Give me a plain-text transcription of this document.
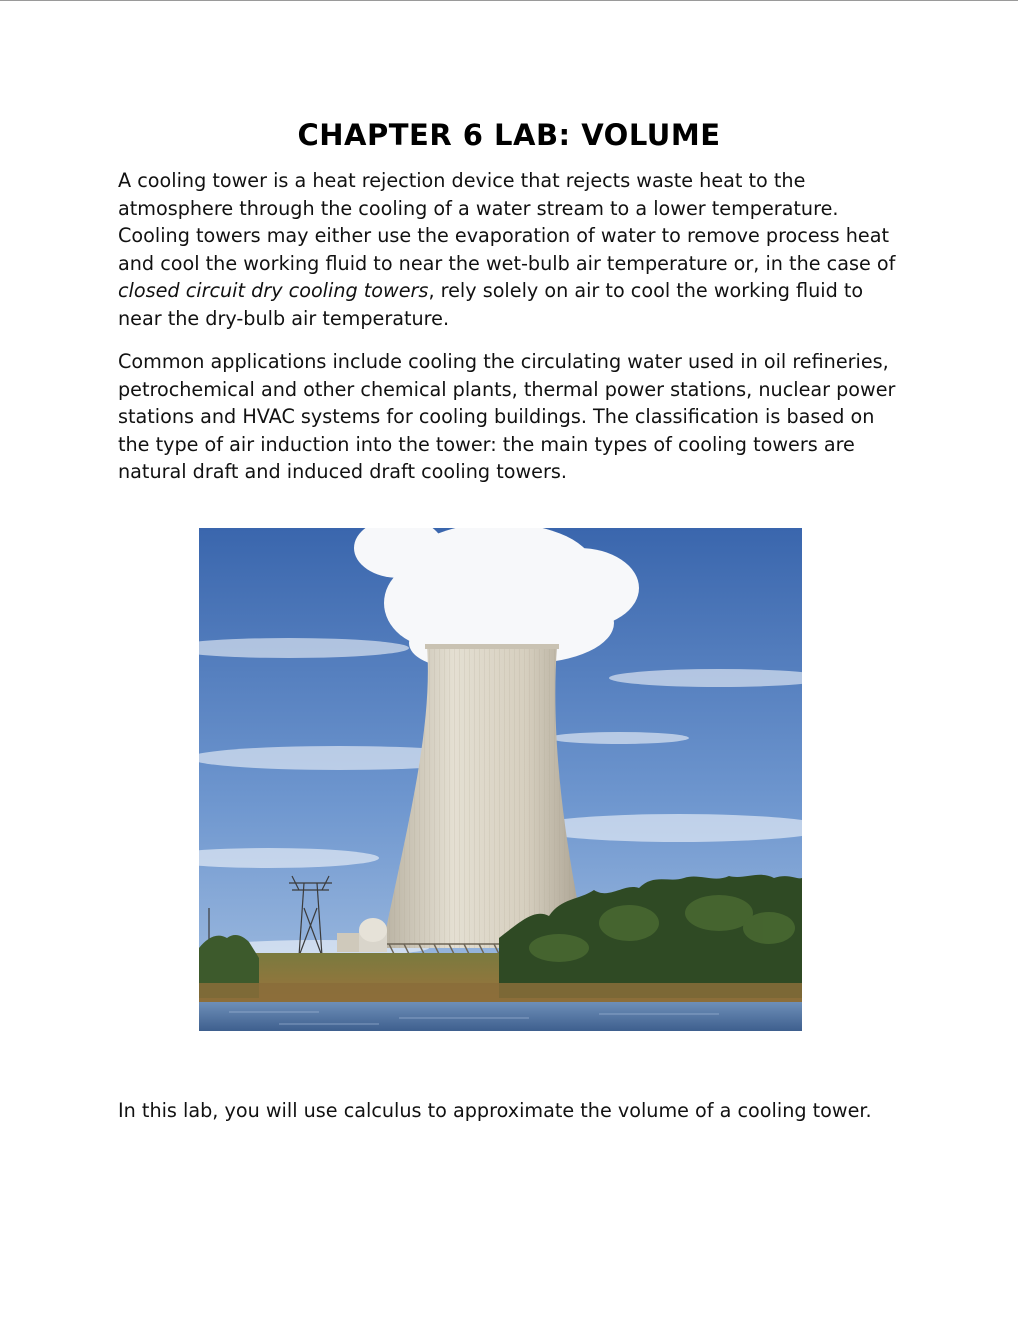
CHAPTER 6 LAB: VOLUME

A cooling tower is a heat rejection device that rejects waste heat to the atmosphere through the cooling of a water stream to a lower temperature. Cooling towers may either use the evaporation of water to remove process heat and cool the working fluid to near the wet-bulb air temperature or, in the case of closed circuit dry cooling towers, rely solely on air to cool the working fluid to near the dry-bulb air temperature.

Common applications include cooling the circulating water used in oil refineries, petrochemical and other chemical plants, thermal power stations, nuclear power stations and HVAC systems for cooling buildings. The classification is based on the type of air induction into the tower: the main types of cooling towers are natural draft and induced draft cooling towers.

In this lab, you will use calculus to approximate the volume of a cooling tower.
